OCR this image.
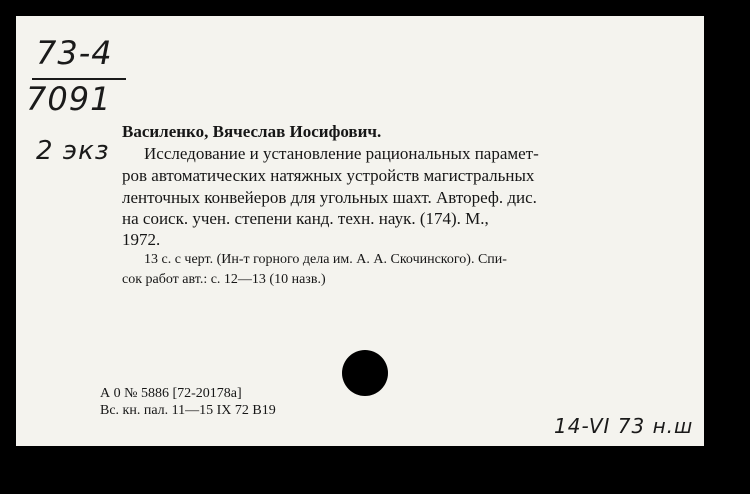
73-4
7091
2 экз
Василенко, Вячеслав Иосифович.
Исследование и установление рациональных парамет-
ров автоматических натяжных устройств магистральных
ленточных конвейеров для угольных шахт. Автореф. дис.
на соиск. учен. степени канд. техн. наук. (174). М.,
1972.
13 с. с черт. (Ин-т горного дела им. А. А. Скочинского). Спи-
сок работ авт.: с. 12—13 (10 назв.)
А 0 № 5886 [72-20178а]
Вс. кн. пал. 11—15 IX 72 В19
14-VI 73 н.ш
